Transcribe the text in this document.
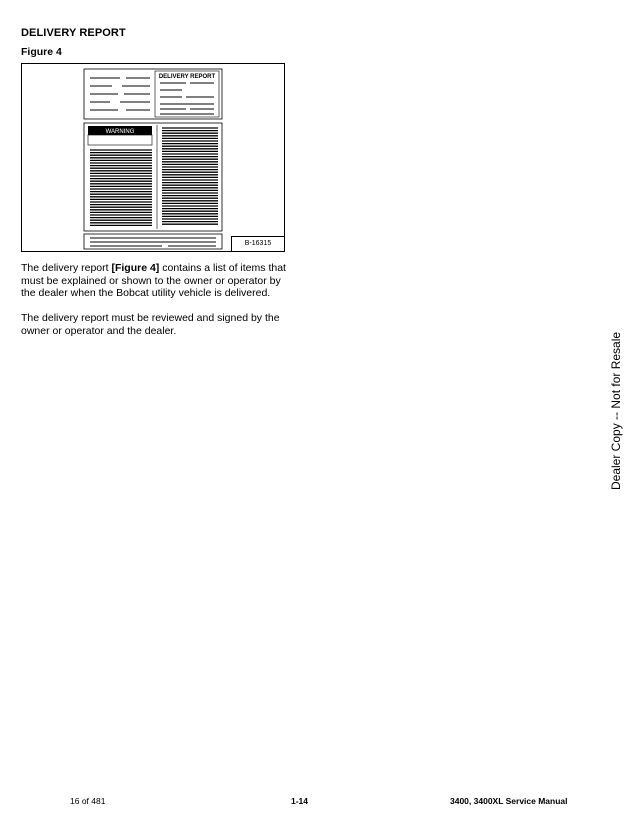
DELIVERY REPORT
Figure 4
DELIVERY REPORT
WARNING
B-16315
The delivery report [Figure 4] contains a list of items that must be explained or shown to the owner or operator by the dealer when the Bobcat utility vehicle is delivered.
The delivery report must be reviewed and signed by the owner or operator and the dealer.
Dealer Copy -- Not for Resale
16 of 481	1-14	3400, 3400XL Service Manual
